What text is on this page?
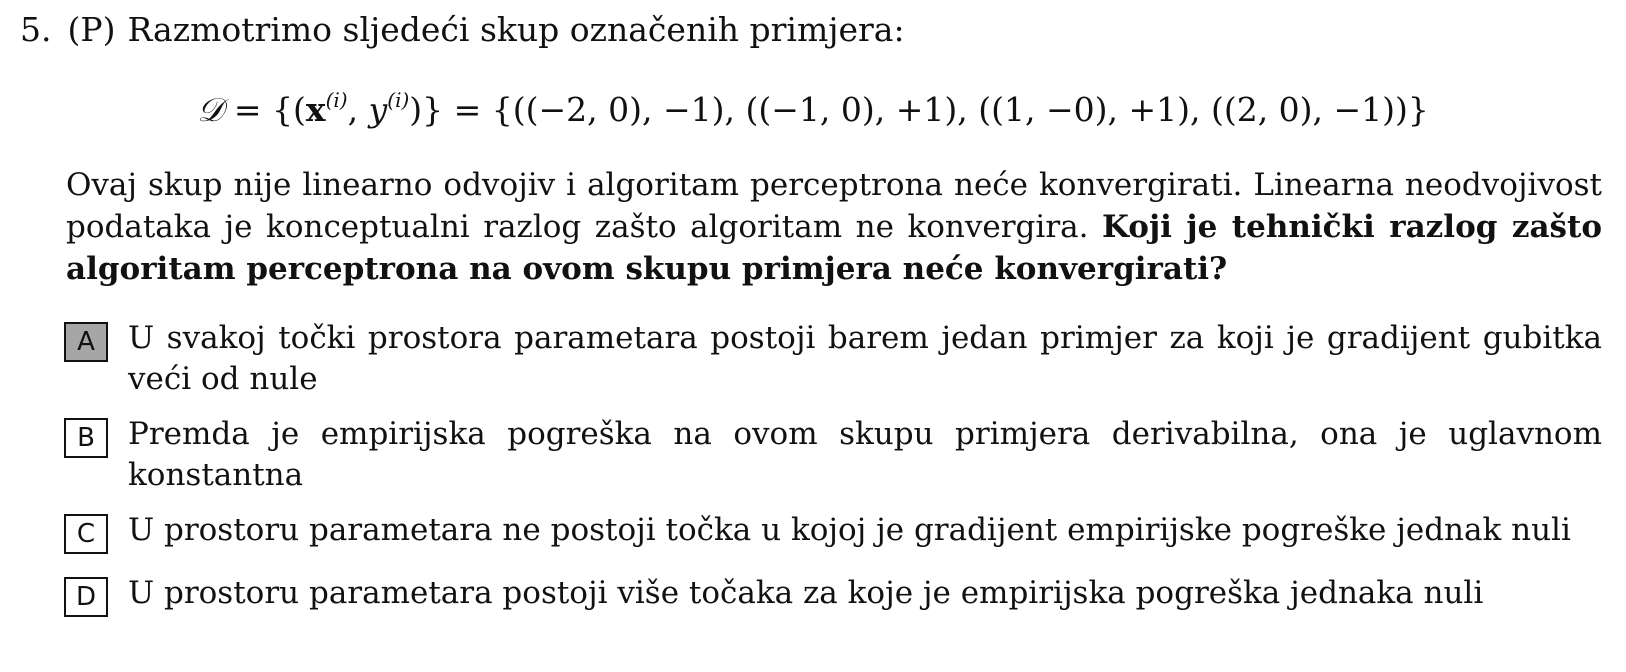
5. (P) Razmotrimo sljedeći skup označenih primjera:
𝒟 = {($x^{(i)}$, $y^{(i)})\} = \{((-2$, 0), −1), ((−1, 0), +1), ((1, −0), +1), ((2, 0), −1))}
Ovaj skup nije linearno odvojiv i algoritam perceptrona neće konvergirati. Linearna neodvojivost podataka je konceptualni razlog zašto algoritam ne konvergira. Koji je tehnički razlog zašto algoritam perceptrona na ovom skupu primjera neće konvergirati?
A	U svakoj točki prostora parametara postoji barem jedan primjer za koji je gradijent gubitka veći od nule
B	Premda je empirijska pogreška na ovom skupu primjera derivabilna, ona je uglavnom konstantna
C	U prostoru parametara ne postoji točka u kojoj je gradijent empirijske pogreške jednak nuli
D	U prostoru parametara postoji više točaka za koje je empirijska pogreška jednaka nuli
